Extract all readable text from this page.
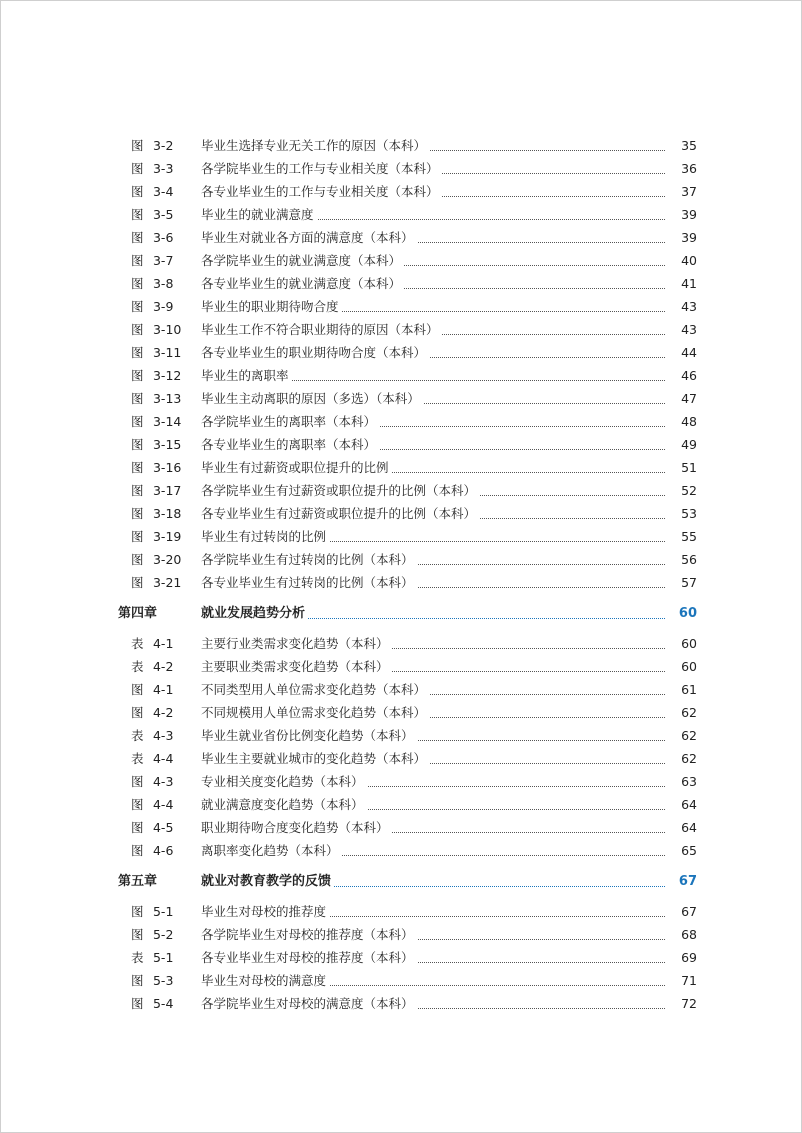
图 3-2	毕业生选择专业无关工作的原因（本科）	35
图 3-3	各学院毕业生的工作与专业相关度（本科）	36
图 3-4	各专业毕业生的工作与专业相关度（本科）	37
图 3-5	毕业生的就业满意度	39
图 3-6	毕业生对就业各方面的满意度（本科）	39
图 3-7	各学院毕业生的就业满意度（本科）	40
图 3-8	各专业毕业生的就业满意度（本科）	41
图 3-9	毕业生的职业期待吻合度	43
图 3-10	毕业生工作不符合职业期待的原因（本科）	43
图 3-11	各专业毕业生的职业期待吻合度（本科）	44
图 3-12	毕业生的离职率	46
图 3-13	毕业生主动离职的原因（多选）（本科）	47
图 3-14	各学院毕业生的离职率（本科）	48
图 3-15	各专业毕业生的离职率（本科）	49
图 3-16	毕业生有过薪资或职位提升的比例	51
图 3-17	各学院毕业生有过薪资或职位提升的比例（本科）	52
图 3-18	各专业毕业生有过薪资或职位提升的比例（本科）	53
图 3-19	毕业生有过转岗的比例	55
图 3-20	各学院毕业生有过转岗的比例（本科）	56
图 3-21	各专业毕业生有过转岗的比例（本科）	57
第四章	就业发展趋势分析	60
表 4-1	主要行业类需求变化趋势（本科）	60
表 4-2	主要职业类需求变化趋势（本科）	60
图 4-1	不同类型用人单位需求变化趋势（本科）	61
图 4-2	不同规模用人单位需求变化趋势（本科）	62
表 4-3	毕业生就业省份比例变化趋势（本科）	62
表 4-4	毕业生主要就业城市的变化趋势（本科）	62
图 4-3	专业相关度变化趋势（本科）	63
图 4-4	就业满意度变化趋势（本科）	64
图 4-5	职业期待吻合度变化趋势（本科）	64
图 4-6	离职率变化趋势（本科）	65
第五章	就业对教育教学的反馈	67
图 5-1	毕业生对母校的推荐度	67
图 5-2	各学院毕业生对母校的推荐度（本科）	68
表 5-1	各专业毕业生对母校的推荐度（本科）	69
图 5-3	毕业生对母校的满意度	71
图 5-4	各学院毕业生对母校的满意度（本科）	72
